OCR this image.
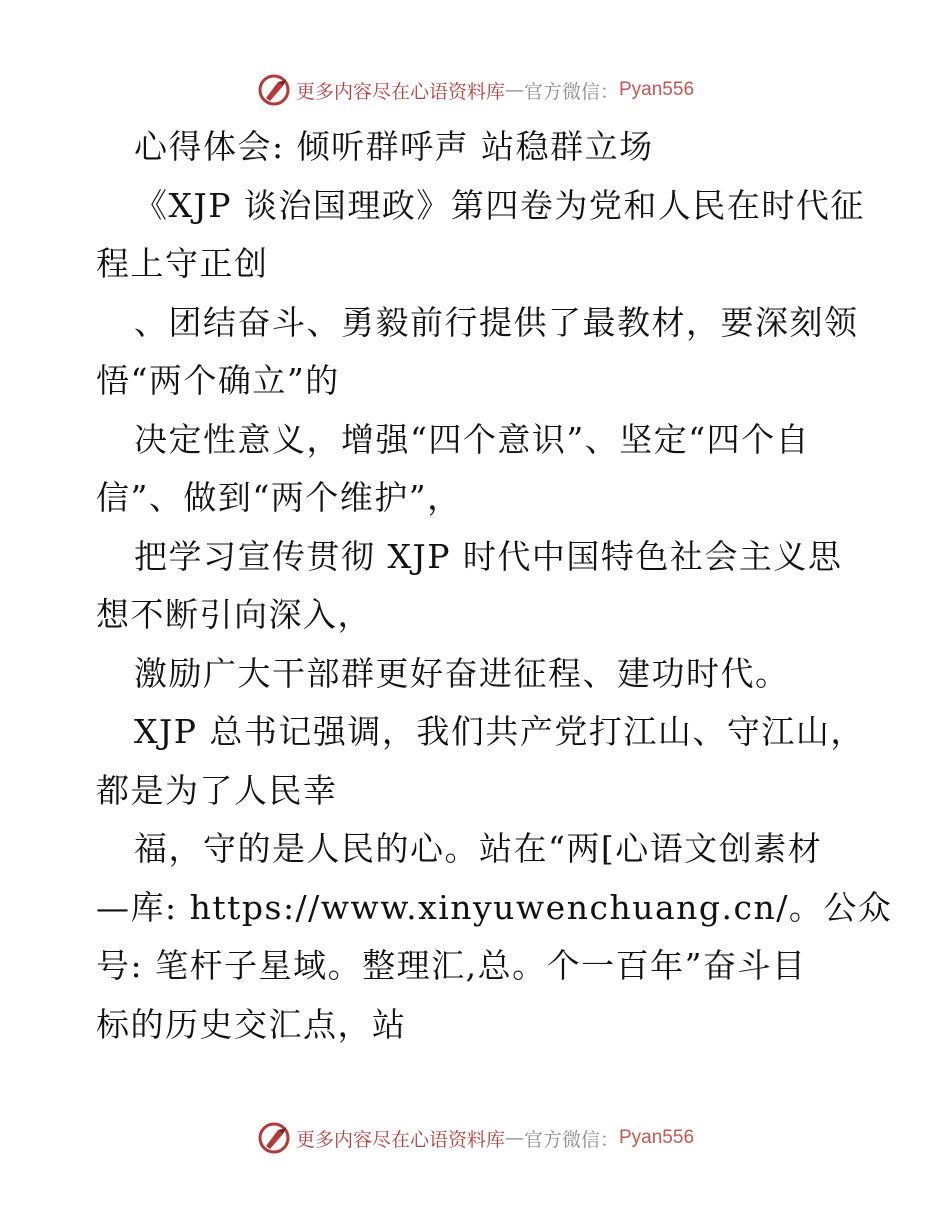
更多内容尽在心语资料库 — 官方微信： Pyan556
心得体会: 倾听群呼声 站稳群立场
《XJP 谈治国理政》第四卷为党和人民在时代征
程上守正创
、团结奋斗、勇毅前行提供了最教材，要深刻领
悟“两个确立”的
决定性意义，增强“四个意识”、坚定“四个自
信”、做到“两个维护”，
把学习宣传贯彻 XJP 时代中国特色社会主义思
想不断引向深入，
激励广大干部群更好奋进征程、建功时代。
XJP 总书记强调，我们共产党打江山、守江山，
都是为了人民幸
福，守的是人民的心。站在“两[心语文创素材
—库: https://www.xinyuwenchuang.cn/。公众
号: 笔杆子星域。整理汇,总。个一百年”奋斗目
标的历史交汇点，站
更多内容尽在心语资料库 — 官方微信： Pyan556
